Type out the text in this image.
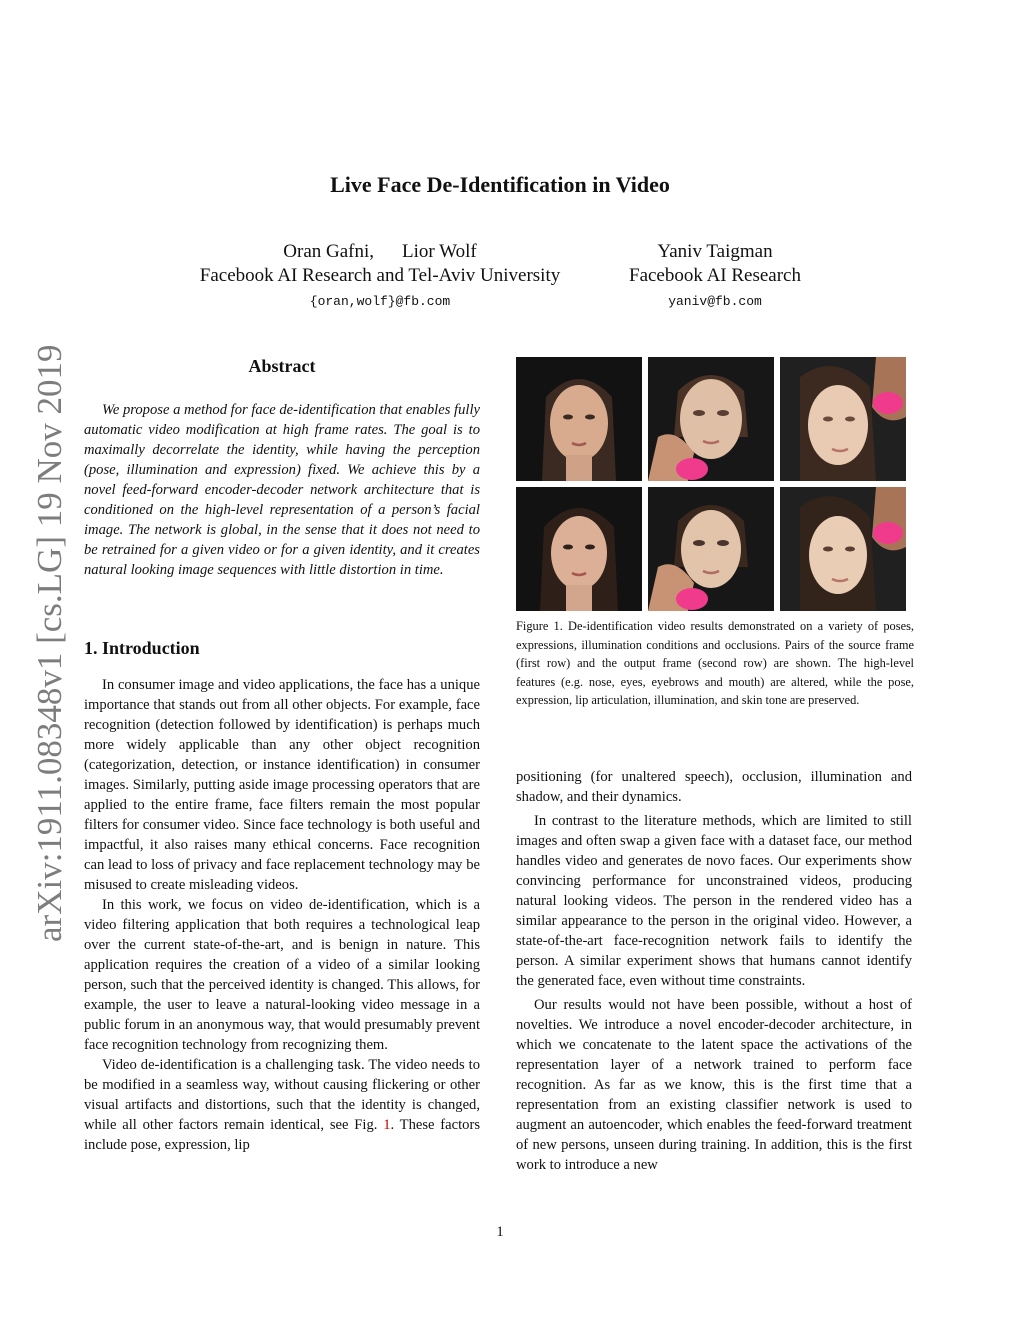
arXiv:1911.08348v1 [cs.LG] 19 Nov 2019
Live Face De-Identification in Video
Oran Gafni, Lior Wolf
Facebook AI Research and Tel-Aviv University
{oran,wolf}@fb.com
Yaniv Taigman
Facebook AI Research
yaniv@fb.com
Abstract

We propose a method for face de-identification that enables fully automatic video modification at high frame rates. The goal is to maximally decorrelate the identity, while having the perception (pose, illumination and expression) fixed. We achieve this by a novel feed-forward encoder-decoder network architecture that is conditioned on the high-level representation of a person’s facial image. The network is global, in the sense that it does not need to be retrained for a given video or for a given identity, and it creates natural looking image sequences with little distortion in time.

1. Introduction

In consumer image and video applications, the face has a unique importance that stands out from all other objects. For example, face recognition (detection followed by identification) is perhaps much more widely applicable than any other object recognition (categorization, detection, or instance identification) in consumer images. Similarly, putting aside image processing operators that are applied to the entire frame, face filters remain the most popular filters for consumer video. Since face technology is both useful and impactful, it also raises many ethical concerns. Face recognition can lead to loss of privacy and face replacement technology may be misused to create misleading videos.

In this work, we focus on video de-identification, which is a video filtering application that both requires a technological leap over the current state-of-the-art, and is benign in nature. This application requires the creation of a video of a similar looking person, such that the perceived identity is changed. This allows, for example, the user to leave a natural-looking video message in a public forum in an anonymous way, that would presumably prevent face recognition technology from recognizing them.

Video de-identification is a challenging task. The video needs to be modified in a seamless way, without causing flickering or other visual artifacts and distortions, such that the identity is changed, while all other factors remain identical, see Fig. 1. These factors include pose, expression, lip

Figure 1. De-identification video results demonstrated on a variety of poses, expressions, illumination conditions and occlusions. Pairs of the source frame (first row) and the output frame (second row) are shown. The high-level features (e.g. nose, eyes, eyebrows and mouth) are altered, while the pose, expression, lip articulation, illumination, and skin tone are preserved.

positioning (for unaltered speech), occlusion, illumination and shadow, and their dynamics.

In contrast to the literature methods, which are limited to still images and often swap a given face with a dataset face, our method handles video and generates de novo faces. Our experiments show convincing performance for unconstrained videos, producing natural looking videos. The person in the rendered video has a similar appearance to the person in the original video. However, a state-of-the-art face-recognition network fails to identify the person. A similar experiment shows that humans cannot identify the generated face, even without time constraints.

Our results would not have been possible, without a host of novelties. We introduce a novel encoder-decoder architecture, in which we concatenate to the latent space the activations of the representation layer of a network trained to perform face recognition. As far as we know, this is the first time that a representation from an existing classifier network is used to augment an autoencoder, which enables the feed-forward treatment of new persons, unseen during training. In addition, this is the first work to introduce a new

1
